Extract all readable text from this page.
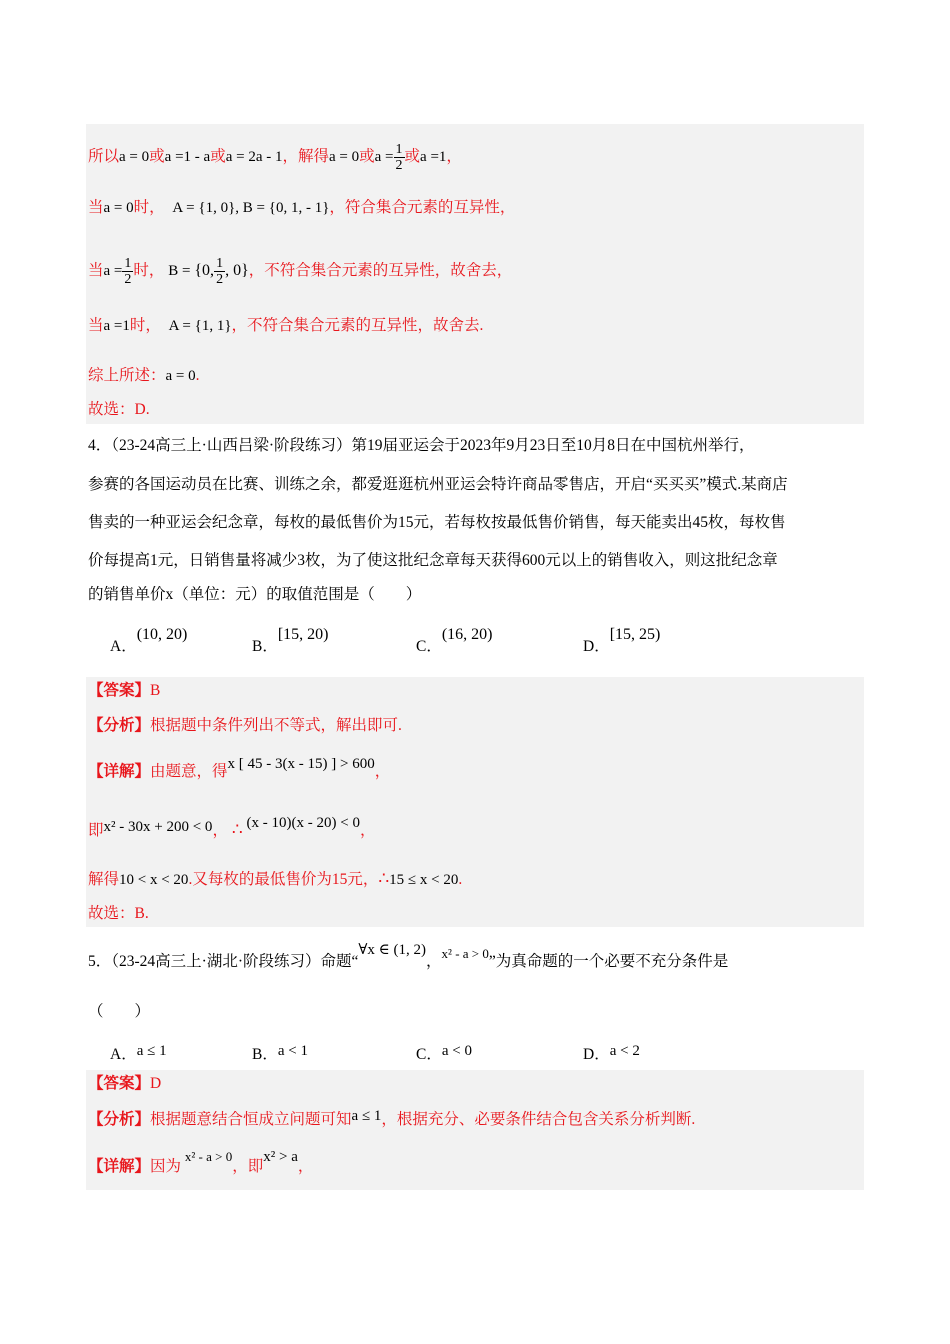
所以a = 0或a =1 - a或a = 2a - 1，解得a = 0或$a = \frac{1}{2}$ 或a =1，
当a = 0时， A = {1, 0}, B = {0, 1, - 1}，符合集合元素的互异性，
当$a = \frac{1}{2}$ 时， B = {0, $\frac{1}{2}$ , 0}，不符合集合元素的互异性，故舍去，
当a =1时， A = {1, 1}，不符合集合元素的互异性，故舍去.
综上所述：a = 0.
故选：D.
4．（23-24高三上·山西吕梁·阶段练习）第19届亚运会于2023年9月23日至10月8日在中国杭州举行，
参赛的各国运动员在比赛、训练之余，都爱逛逛杭州亚运会特许商品零售店，开启“买买买”模式.某商店
售卖的一种亚运会纪念章，每枚的最低售价为15元，若每枚按最低售价销售，每天能卖出45枚，每枚售
价每提高1元，日销售量将减少3枚，为了使这批纪念章每天获得600元以上的销售收入，则这批纪念章
的销售单价x（单位：元）的取值范围是（　　）
A．(10, 20)
B．[15, 20)
C．(16, 20)
D．[15, 25)
【答案】B
【分析】根据题中条件列出不等式，解出即可.
【详解】由题意，得x [ 45 - 3(x - 15) ] > 600，
即x² - 30x + 200 < 0， ∴ (x - 10)(x - 20) < 0，
解得10 < x < 20.又每枚的最低售价为15元，∴15 ≤ x < 20.
故选：B.
5．（23-24高三上·湖北·阶段练习）命题“∀x ∈ (1, 2)，$^{x^2 - a > 0}$”为真命题的一个必要不充分条件是
（　　）
A．a ≤ 1	B．a < 1	C．a < 0	D．a < 2
【答案】D
【分析】根据题意结合恒成立问题可知a ≤ 1，根据充分、必要条件结合包含关系分析判断.
【详解】因为 $^{x^2 - a > 0}$，即x² > a，
